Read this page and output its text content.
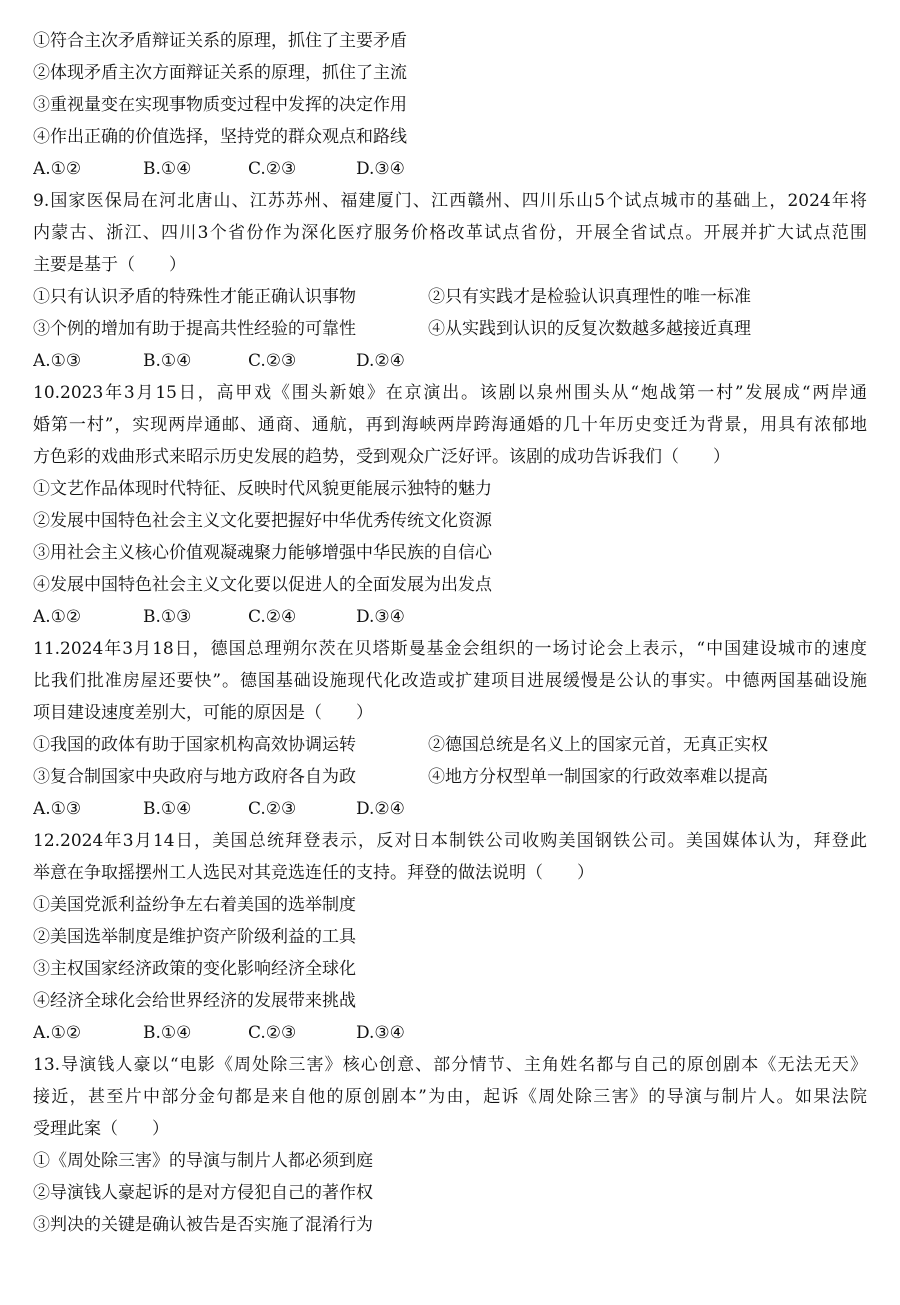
①符合主次矛盾辩证关系的原理，抓住了主要矛盾
②体现矛盾主次方面辩证关系的原理，抓住了主流
③重视量变在实现事物质变过程中发挥的决定作用
④作出正确的价值选择，坚持党的群众观点和路线
A.①②	B.①④	C.②③	D.③④
9.国家医保局在河北唐山、江苏苏州、福建厦门、江西赣州、四川乐山5个试点城市的基础上，2024年将
内蒙古、浙江、四川3个省份作为深化医疗服务价格改革试点省份，开展全省试点。开展并扩大试点范围
主要是基于（　　）
①只有认识矛盾的特殊性才能正确认识事物	②只有实践才是检验认识真理性的唯一标准
③个例的增加有助于提高共性经验的可靠性	④从实践到认识的反复次数越多越接近真理
A.①③	B.①④	C.②③	D.②④
10.2023年3月15日，高甲戏《围头新娘》在京演出。该剧以泉州围头从“炮战第一村”发展成“两岸通
婚第一村”，实现两岸通邮、通商、通航，再到海峡两岸跨海通婚的几十年历史变迁为背景，用具有浓郁地
方色彩的戏曲形式来昭示历史发展的趋势，受到观众广泛好评。该剧的成功告诉我们（　　）
①文艺作品体现时代特征、反映时代风貌更能展示独特的魅力
②发展中国特色社会主义文化要把握好中华优秀传统文化资源
③用社会主义核心价值观凝魂聚力能够增强中华民族的自信心
④发展中国特色社会主义文化要以促进人的全面发展为出发点
A.①②	B.①③	C.②④	D.③④
11.2024年3月18日，德国总理朔尔茨在贝塔斯曼基金会组织的一场讨论会上表示，“中国建设城市的速度
比我们批准房屋还要快”。德国基础设施现代化改造或扩建项目进展缓慢是公认的事实。中德两国基础设施
项目建设速度差别大，可能的原因是（　　）
①我国的政体有助于国家机构高效协调运转	②德国总统是名义上的国家元首，无真正实权
③复合制国家中央政府与地方政府各自为政	④地方分权型单一制国家的行政效率难以提高
A.①③	B.①④	C.②③	D.②④
12.2024年3月14日，美国总统拜登表示，反对日本制铁公司收购美国钢铁公司。美国媒体认为，拜登此
举意在争取摇摆州工人选民对其竞选连任的支持。拜登的做法说明（　　）
①美国党派利益纷争左右着美国的选举制度
②美国选举制度是维护资产阶级利益的工具
③主权国家经济政策的变化影响经济全球化
④经济全球化会给世界经济的发展带来挑战
A.①②	B.①④	C.②③	D.③④
13.导演钱人豪以“电影《周处除三害》核心创意、部分情节、主角姓名都与自己的原创剧本《无法无天》
接近，甚至片中部分金句都是来自他的原创剧本”为由，起诉《周处除三害》的导演与制片人。如果法院
受理此案（　　）
①《周处除三害》的导演与制片人都必须到庭
②导演钱人豪起诉的是对方侵犯自己的著作权
③判决的关键是确认被告是否实施了混淆行为
